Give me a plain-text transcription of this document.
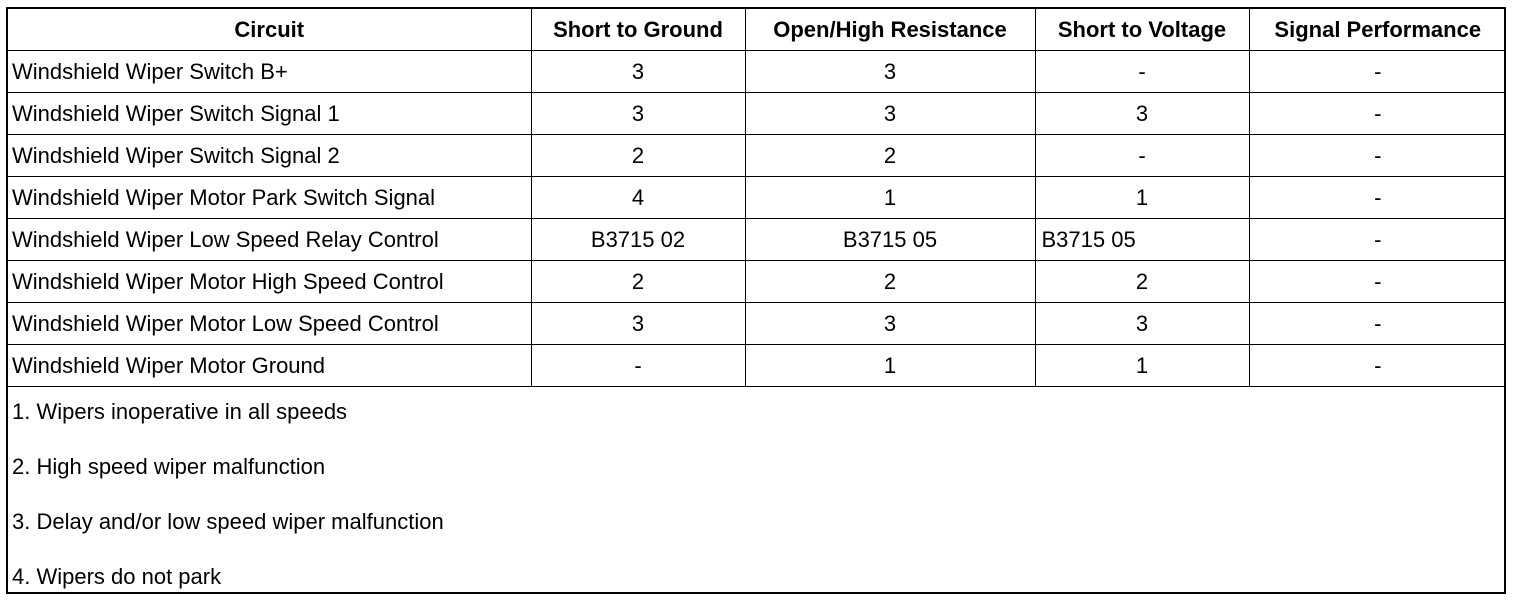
Circuit	Short to Ground	Open/High Resistance	Short to Voltage	Signal Performance
Windshield Wiper Switch B+	3	3	-	-
Windshield Wiper Switch Signal 1	3	3	3	-
Windshield Wiper Switch Signal 2	2	2	-	-
Windshield Wiper Motor Park Switch Signal	4	1	1	-
Windshield Wiper Low Speed Relay Control	B3715 02	B3715 05	B3715 05	-
Windshield Wiper Motor High Speed Control	2	2	2	-
Windshield Wiper Motor Low Speed Control	3	3	3	-
Windshield Wiper Motor Ground	-	1	1	-
1. Wipers inoperative in all speeds
2. High speed wiper malfunction
3. Delay and/or low speed wiper malfunction
4. Wipers do not park
